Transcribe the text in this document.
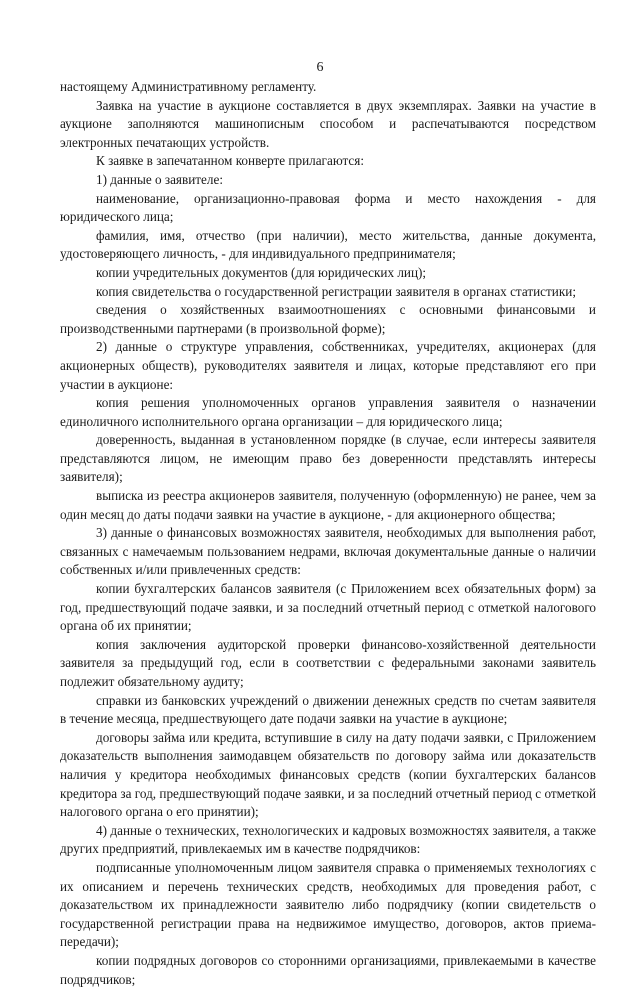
6

настоящему Административному регламенту.

Заявка на участие в аукционе составляется в двух экземплярах. Заявки на участие в аукционе заполняются машинописным способом и распечатываются посредством электронных печатающих устройств.

К заявке в запечатанном конверте прилагаются:

1) данные о заявителе:

наименование, организационно-правовая форма и место нахождения - для юридического лица;

фамилия, имя, отчество (при наличии), место жительства, данные документа, удостоверяющего личность, - для индивидуального предпринимателя;

копии учредительных документов (для юридических лиц);

копия свидетельства о государственной регистрации заявителя в органах статистики;

сведения о хозяйственных взаимоотношениях с основными финансовыми и производственными партнерами (в произвольной форме);

2) данные о структуре управления, собственниках, учредителях, акционерах (для акционерных обществ), руководителях заявителя и лицах, которые представляют его при участии в аукционе:

копия решения уполномоченных органов управления заявителя о назначении единоличного исполнительного органа организации – для юридического лица;

доверенность, выданная в установленном порядке (в случае, если интересы заявителя представляются лицом, не имеющим право без доверенности представлять интересы заявителя);

выписка из реестра акционеров заявителя, полученную (оформленную) не ранее, чем за один месяц до даты подачи заявки на участие в аукционе, - для акционерного общества;

3) данные о финансовых возможностях заявителя, необходимых для выполнения работ, связанных с намечаемым пользованием недрами, включая документальные данные о наличии собственных и/или привлеченных средств:

копии бухгалтерских балансов заявителя (с Приложением всех обязательных форм) за год, предшествующий подаче заявки, и за последний отчетный период с отметкой налогового органа об их принятии;

копия заключения аудиторской проверки финансово-хозяйственной деятельности заявителя за предыдущий год, если в соответствии с федеральными законами заявитель подлежит обязательному аудиту;

справки из банковских учреждений о движении денежных средств по счетам заявителя в течение месяца, предшествующего дате подачи заявки на участие в аукционе;

договоры займа или кредита, вступившие в силу на дату подачи заявки, с Приложением доказательств выполнения заимодавцем обязательств по договору займа или доказательств наличия у кредитора необходимых финансовых средств (копии бухгалтерских балансов кредитора за год, предшествующий подаче заявки, и за последний отчетный период с отметкой налогового органа о его принятии);

4) данные о технических, технологических и кадровых возможностях заявителя, а также других предприятий, привлекаемых им в качестве подрядчиков:

подписанные уполномоченным лицом заявителя справка о применяемых технологиях с их описанием и перечень технических средств, необходимых для проведения работ, с доказательством их принадлежности заявителю либо подрядчику (копии свидетельств о государственной регистрации права на недвижимое имущество, договоров, актов приема-передачи);

копии подрядных договоров со сторонними организациями, привлекаемыми в качестве подрядчиков;
